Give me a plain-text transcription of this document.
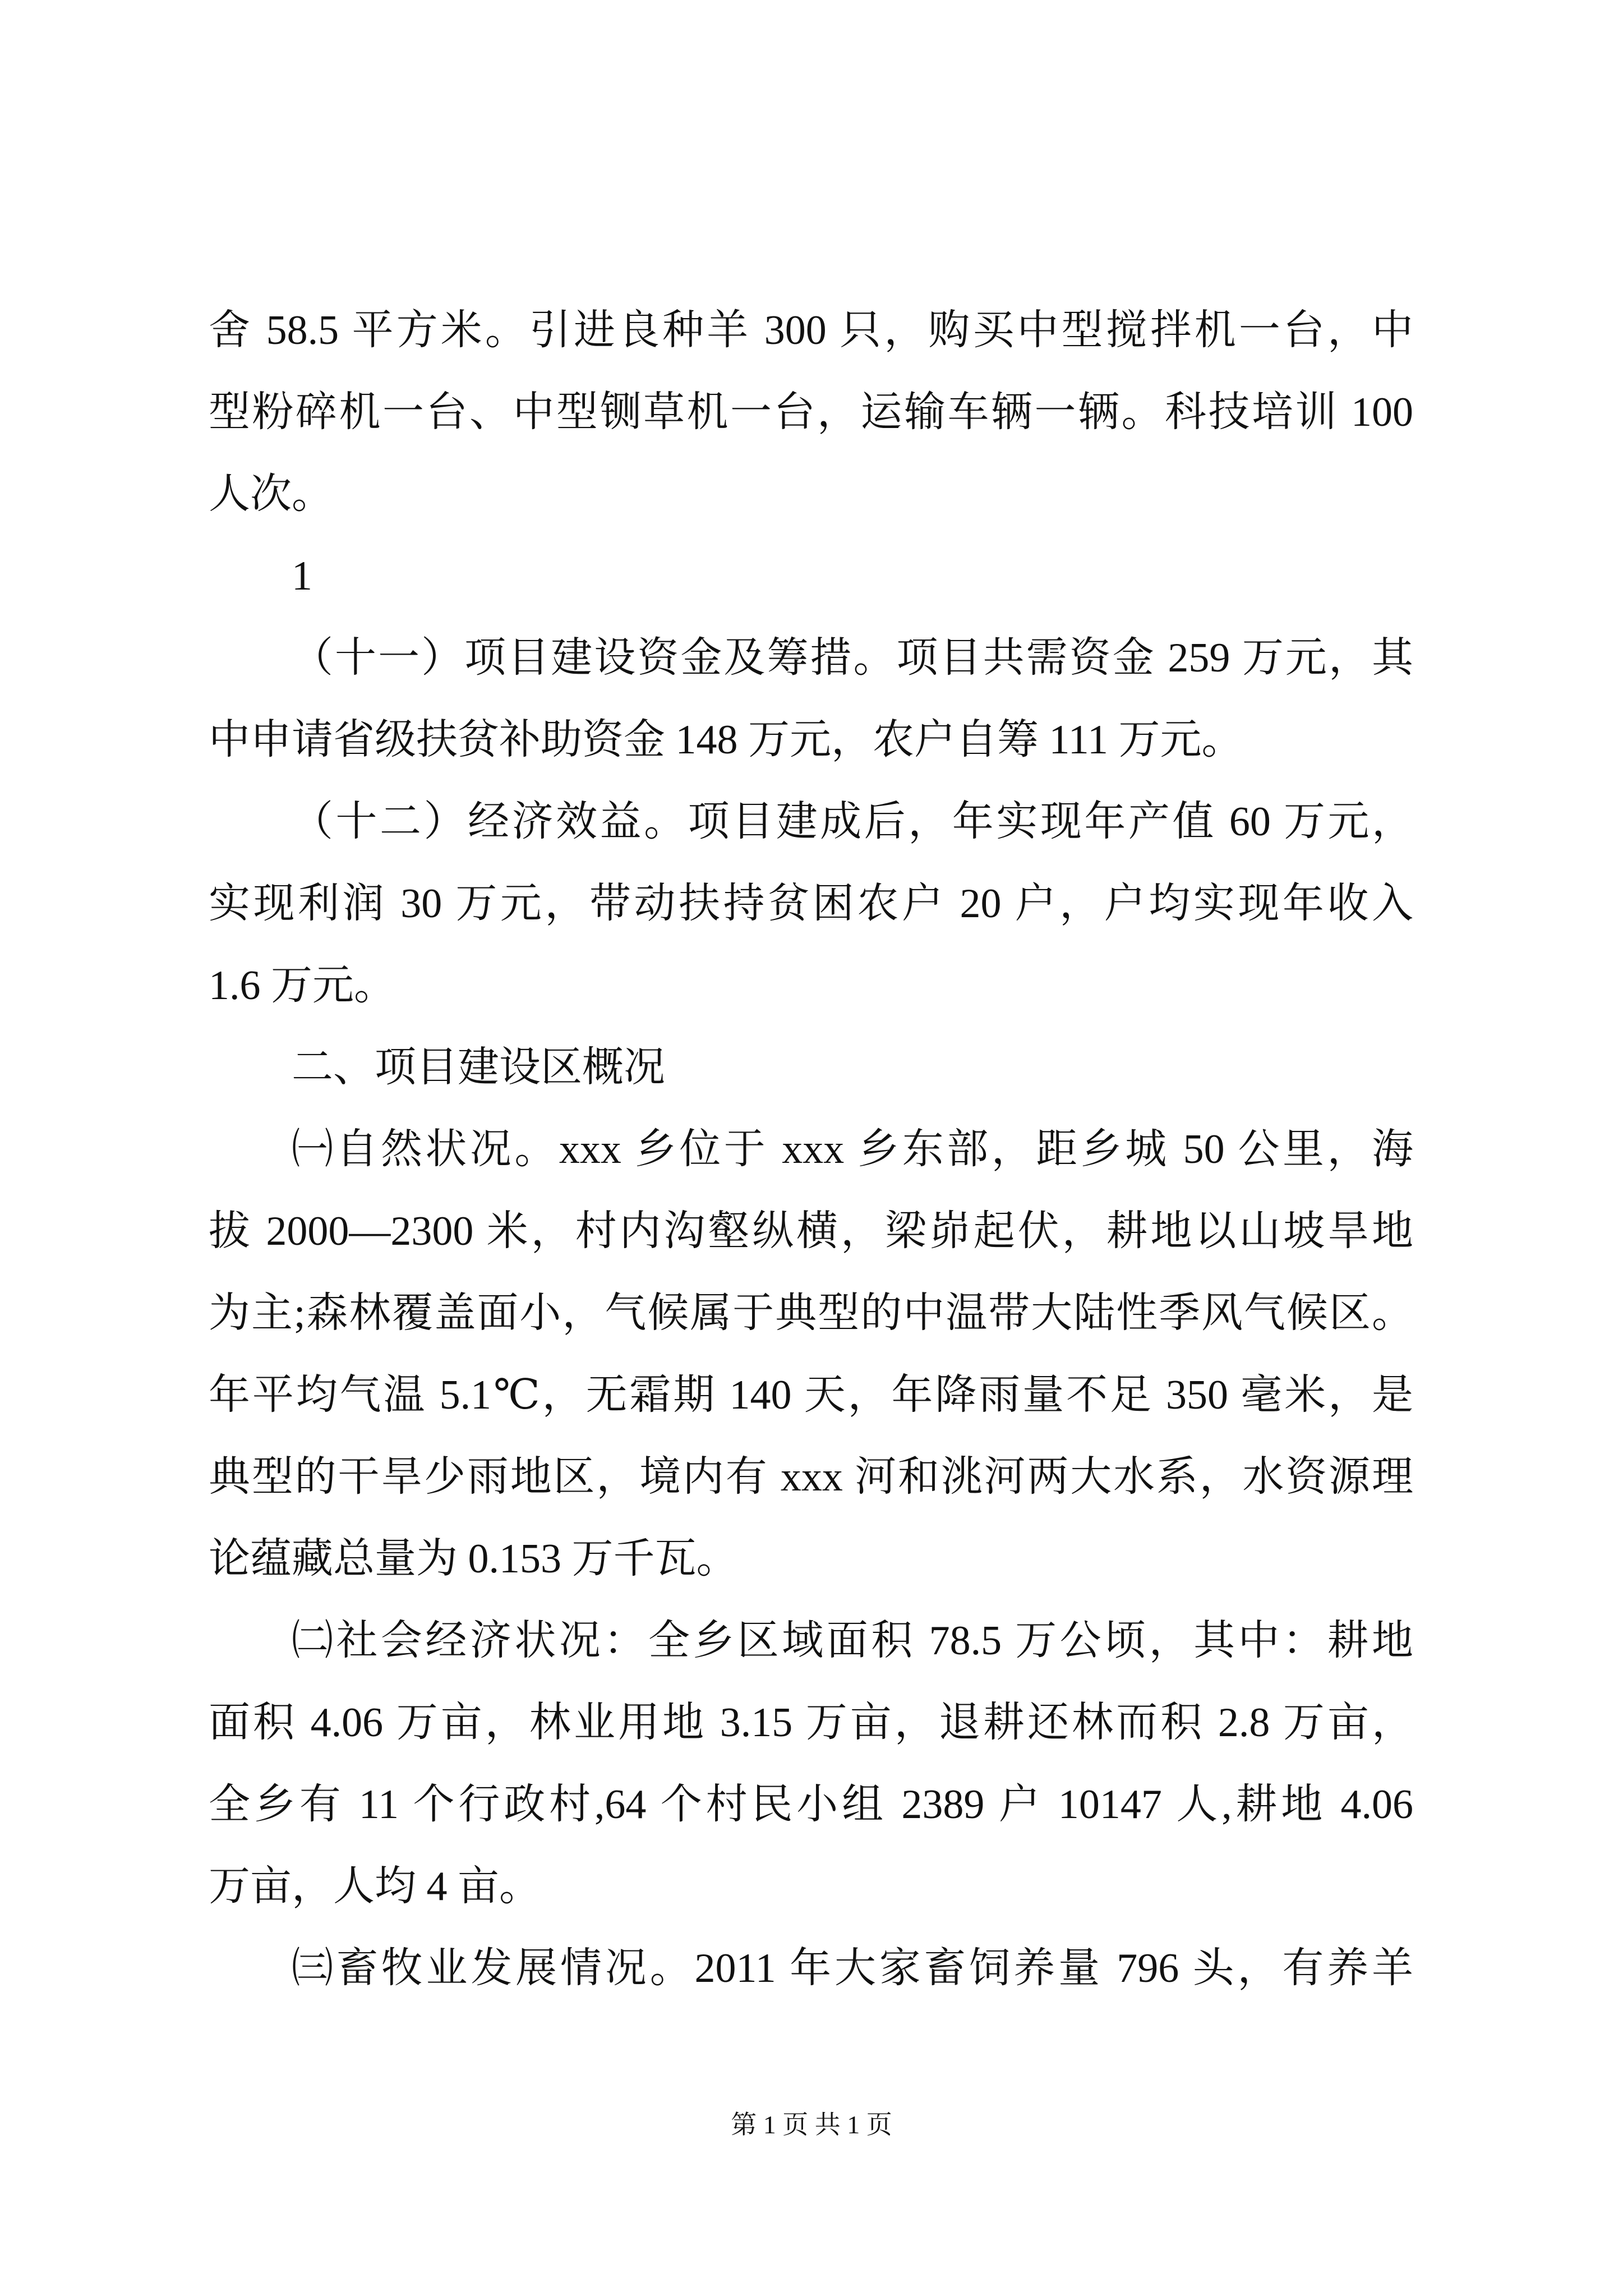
舍 58.5 平方米。引进良种羊 300 只，购买中型搅拌机一台，中
型粉碎机一台、中型铡草机一台，运输车辆一辆。科技培训 100
人次。
1
（十一）项目建设资金及筹措。项目共需资金 259 万元，其
中申请省级扶贫补助资金 148 万元，农户自筹 111 万元。
（十二）经济效益。项目建成后，年实现年产值 60 万元，
实现利润 30 万元，带动扶持贫困农户 20 户，户均实现年收入
1.6 万元。
二、项目建设区概况
㈠自然状况。xxx 乡位于 xxx 乡东部，距乡城 50 公里，海
拔 2000—2300 米，村内沟壑纵横，梁峁起伏，耕地以山坡旱地
为主;森林覆盖面小，气候属于典型的中温带大陆性季风气候区。
年平均气温 5.1℃，无霜期 140 天，年降雨量不足 350 毫米，是
典型的干旱少雨地区，境内有 xxx 河和洮河两大水系，水资源理
论蕴藏总量为 0.153 万千瓦。
㈡社会经济状况：全乡区域面积 78.5 万公顷，其中：耕地
面积 4.06 万亩，林业用地 3.15 万亩，退耕还林而积 2.8 万亩，
全乡有 11 个行政村,64 个村民小组 2389 户 10147 人,耕地 4.06
万亩，人均 4 亩。
㈢畜牧业发展情况。2011 年大家畜饲养量 796 头，有养羊
第 1 页 共 1 页
